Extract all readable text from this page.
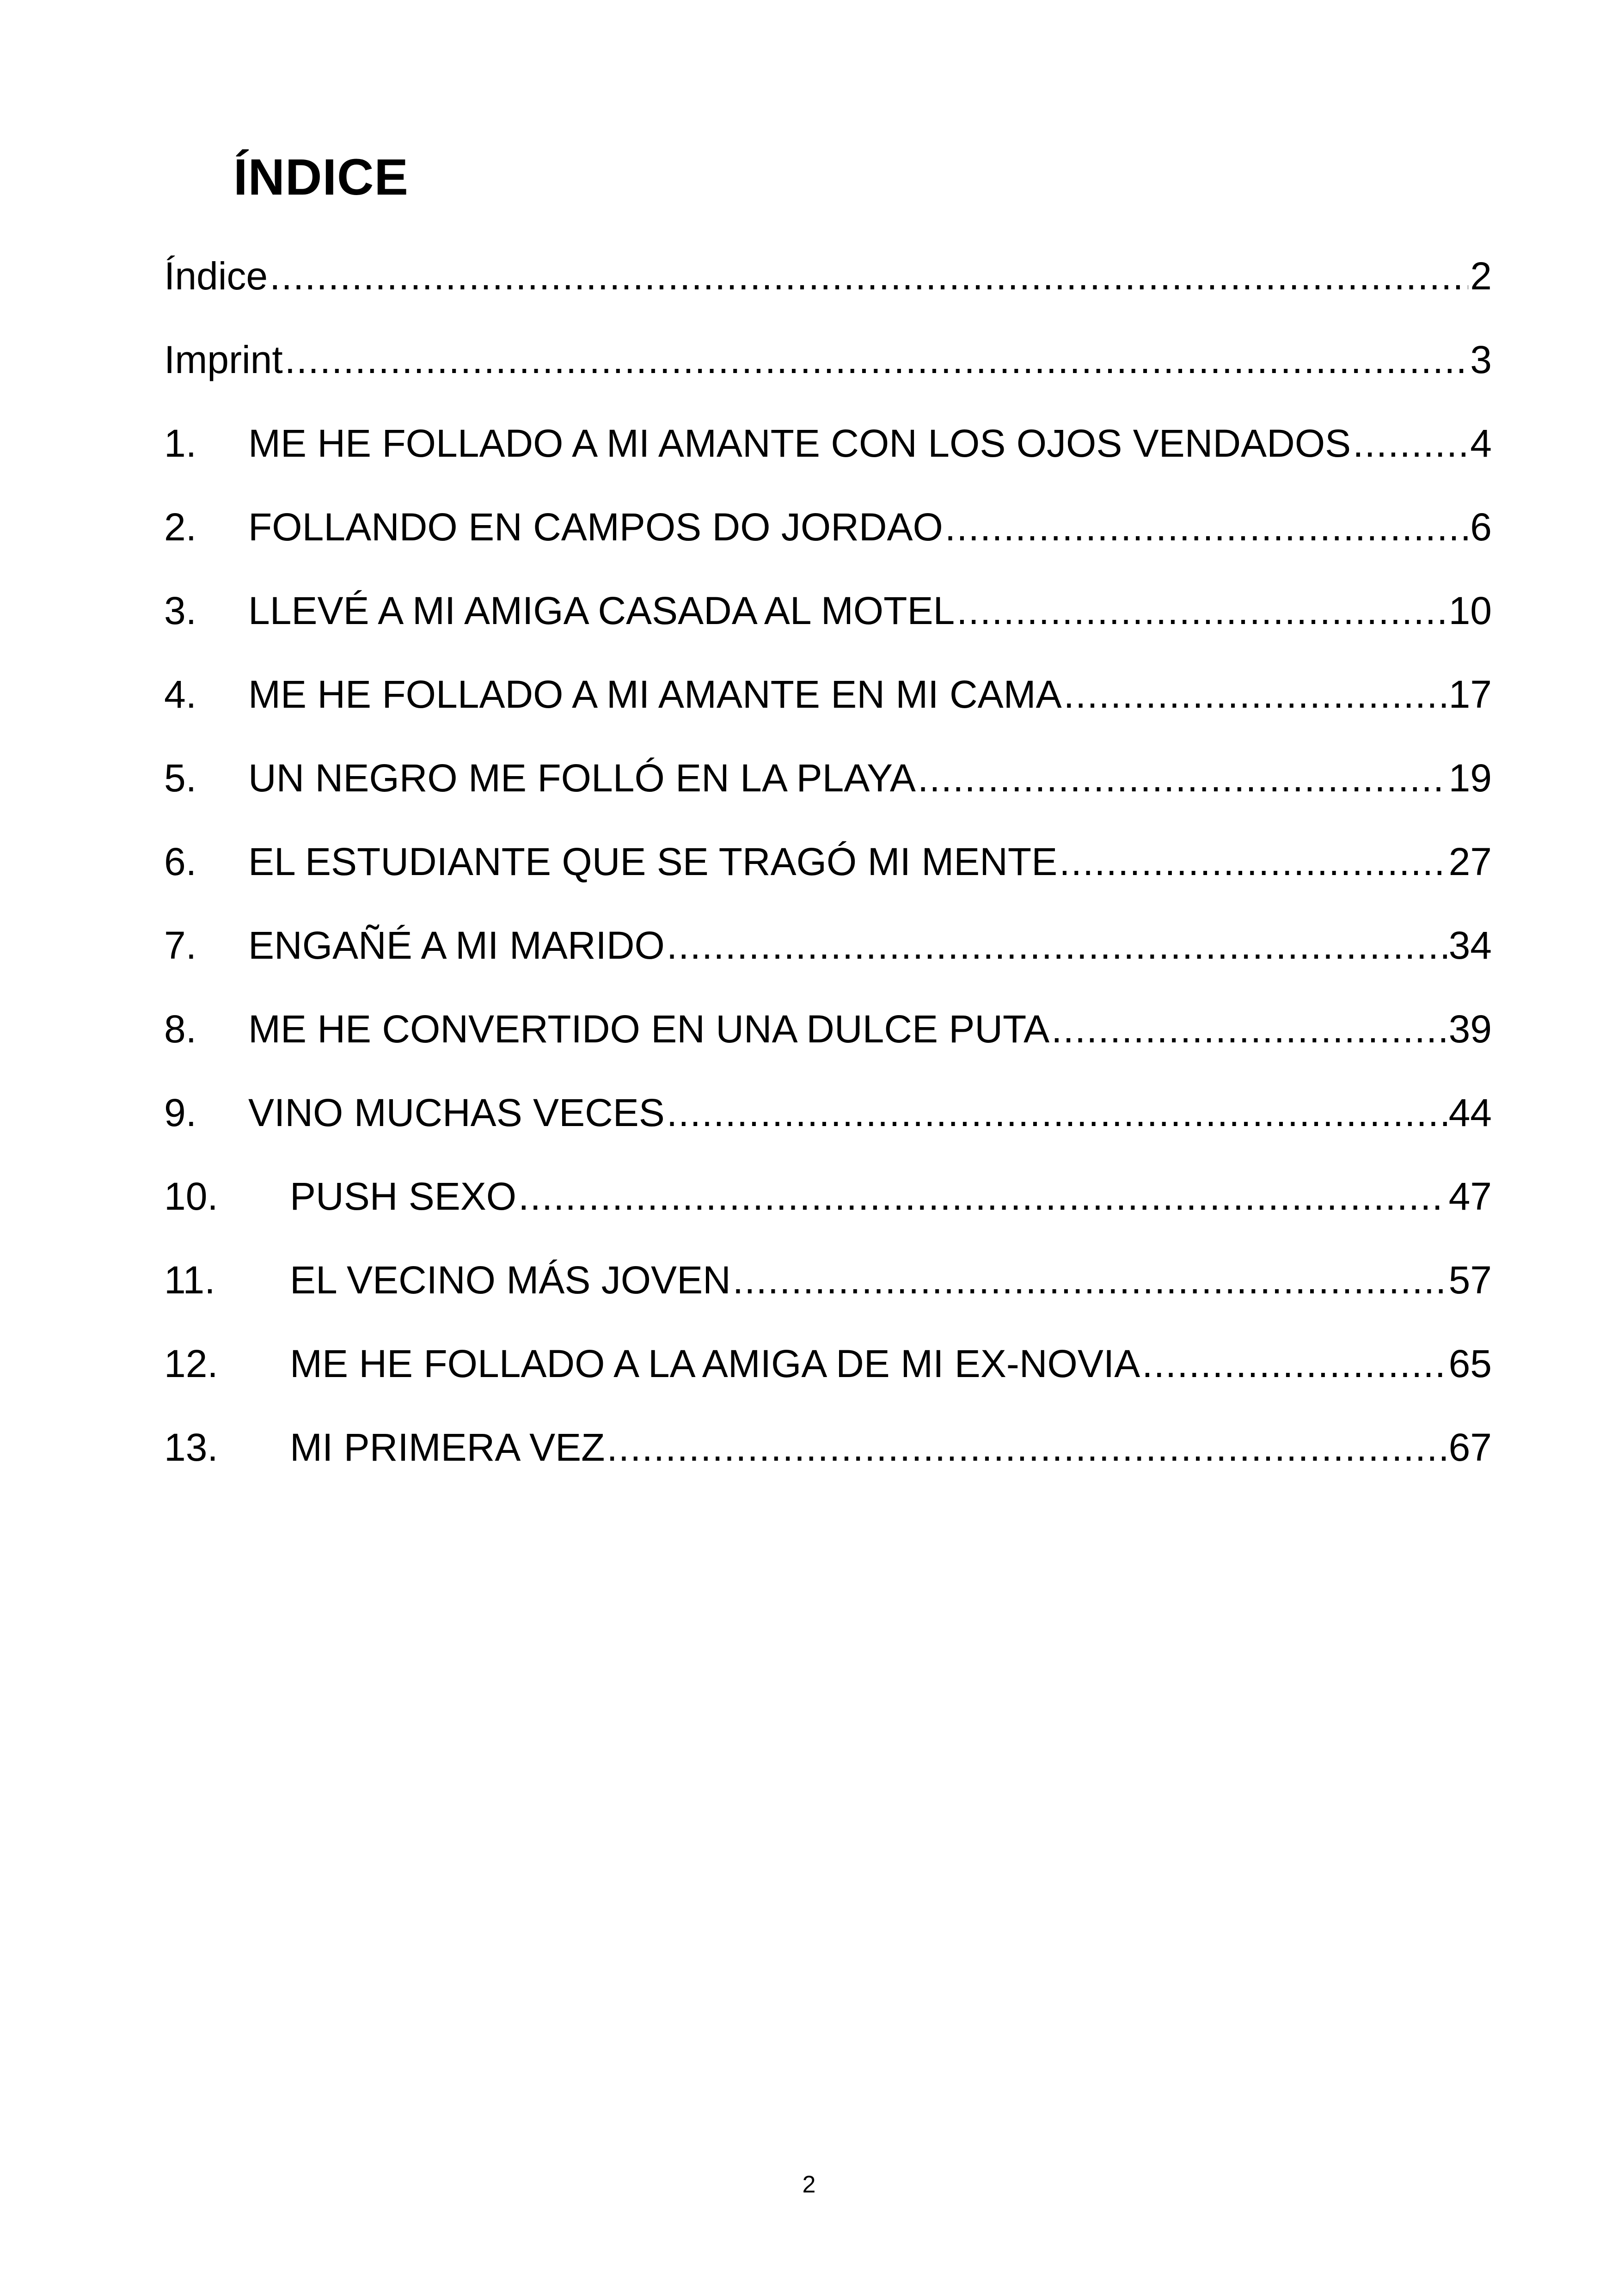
ÍNDICE
Índice .....	2
Imprint .....	3
1.	ME HE FOLLADO A MI AMANTE CON LOS OJOS VENDADOS .....	4
2.	FOLLANDO EN CAMPOS DO JORDAO .....	6
3.	LLEVÉ A MI AMIGA CASADA AL MOTEL .....	10
4.	ME HE FOLLADO A MI AMANTE EN MI CAMA .....	17
5.	UN NEGRO ME FOLLÓ EN LA PLAYA .....	19
6.	EL ESTUDIANTE QUE SE TRAGÓ MI MENTE .....	27
7.	ENGAÑÉ A MI MARIDO .....	34
8.	ME HE CONVERTIDO EN UNA DULCE PUTA .....	39
9.	VINO MUCHAS VECES .....	44
10.	PUSH SEXO .....	47
11.	EL VECINO MÁS JOVEN .....	57
12.	ME HE FOLLADO A LA AMIGA DE MI EX-NOVIA .....	65
13.	MI PRIMERA VEZ .....	67
2
